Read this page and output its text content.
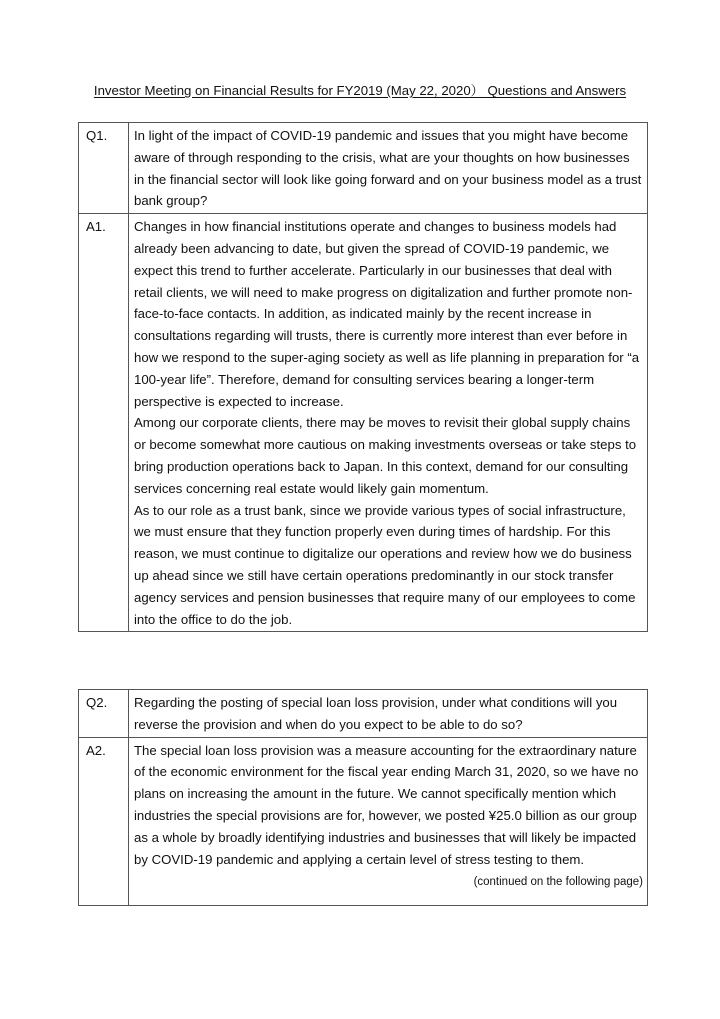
Investor Meeting on Financial Results for FY2019 (May 22, 2020） Questions and Answers
Q1.	In light of the impact of COVID-19 pandemic and issues that you might have become aware of through responding to the crisis, what are your thoughts on how businesses in the financial sector will look like going forward and on your business model as a trust bank group?
A1.	Changes in how financial institutions operate and changes to business models had already been advancing to date, but given the spread of COVID-19 pandemic, we expect this trend to further accelerate. Particularly in our businesses that deal with retail clients, we will need to make progress on digitalization and further promote non-face-to-face contacts. In addition, as indicated mainly by the recent increase in consultations regarding will trusts, there is currently more interest than ever before in how we respond to the super-aging society as well as life planning in preparation for “a 100-year life”. Therefore, demand for consulting services bearing a longer-term perspective is expected to increase.

Among our corporate clients, there may be moves to revisit their global supply chains or become somewhat more cautious on making investments overseas or take steps to bring production operations back to Japan. In this context, demand for our consulting services concerning real estate would likely gain momentum.

As to our role as a trust bank, since we provide various types of social infrastructure, we must ensure that they function properly even during times of hardship. For this reason, we must continue to digitalize our operations and review how we do business up ahead since we still have certain operations predominantly in our stock transfer agency services and pension businesses that require many of our employees to come into the office to do the job.

Q2.	Regarding the posting of special loan loss provision, under what conditions will you reverse the provision and when do you expect to be able to do so?
A2.	The special loan loss provision was a measure accounting for the extraordinary nature of the economic environment for the fiscal year ending March 31, 2020, so we have no plans on increasing the amount in the future. We cannot specifically mention which industries the special provisions are for, however, we posted ¥25.0 billion as our group as a whole by broadly identifying industries and businesses that will likely be impacted by COVID-19 pandemic and applying a certain level of stress testing to them.

(continued on the following page)
